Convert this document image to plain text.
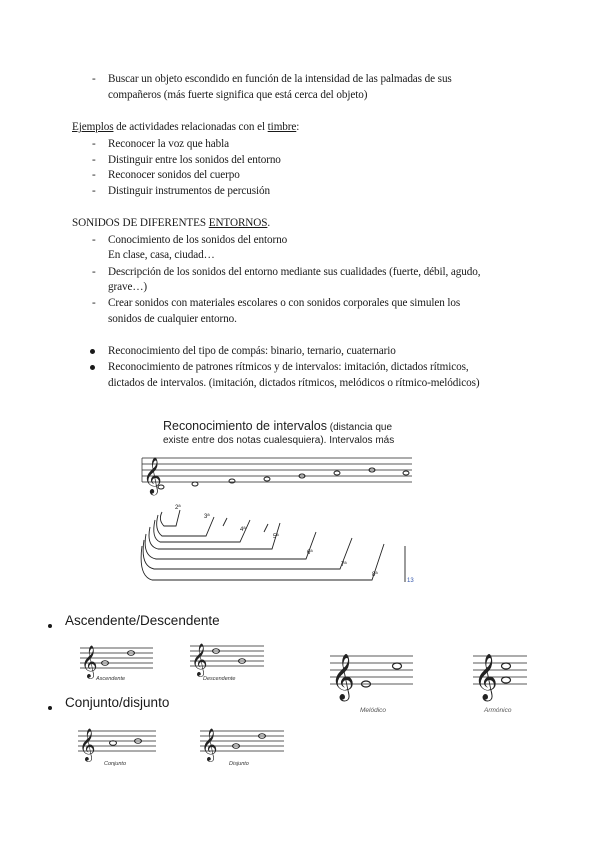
- Buscar un objeto escondido en función de la intensidad de las palmadas de sus
compañeros (más fuerte significa que está cerca del objeto)
Ejemplos de actividades relacionadas con el timbre:
- Reconocer la voz que habla
- Distinguir entre los sonidos del entorno
- Reconocer sonidos del cuerpo
- Distinguir instrumentos de percusión
SONIDOS DE DIFERENTES ENTORNOS.
- Conocimiento de los sonidos del entorno
En clase, casa, ciudad…
- Descripción de los sonidos del entorno mediante sus cualidades (fuerte, débil, agudo,
grave…)
- Crear sonidos con materiales escolares o con sonidos corporales que simulen los
sonidos de cualquier entorno.
Reconocimiento del tipo de compás: binario, ternario, cuaternario
Reconocimiento de patrones rítmicos y de intervalos: imitación, dictados rítmicos,
dictados de intervalos. (imitación, dictados rítmicos, melódicos o rítmico-melódicos)
Reconocimiento de intervalos (distancia que
existe entre dos notas cualesquiera). Intervalos más
𝄞
2ª
3ª
4ª
5ª
6ª
7ª
8ª
13
Ascendente/Descendente
𝄞	𝄞	𝄞	𝄞
𝄞	𝄞
Ascendente	Descendente
Melódico	Armónico
Conjunto/disjunto
Conjunto	Disjunto
